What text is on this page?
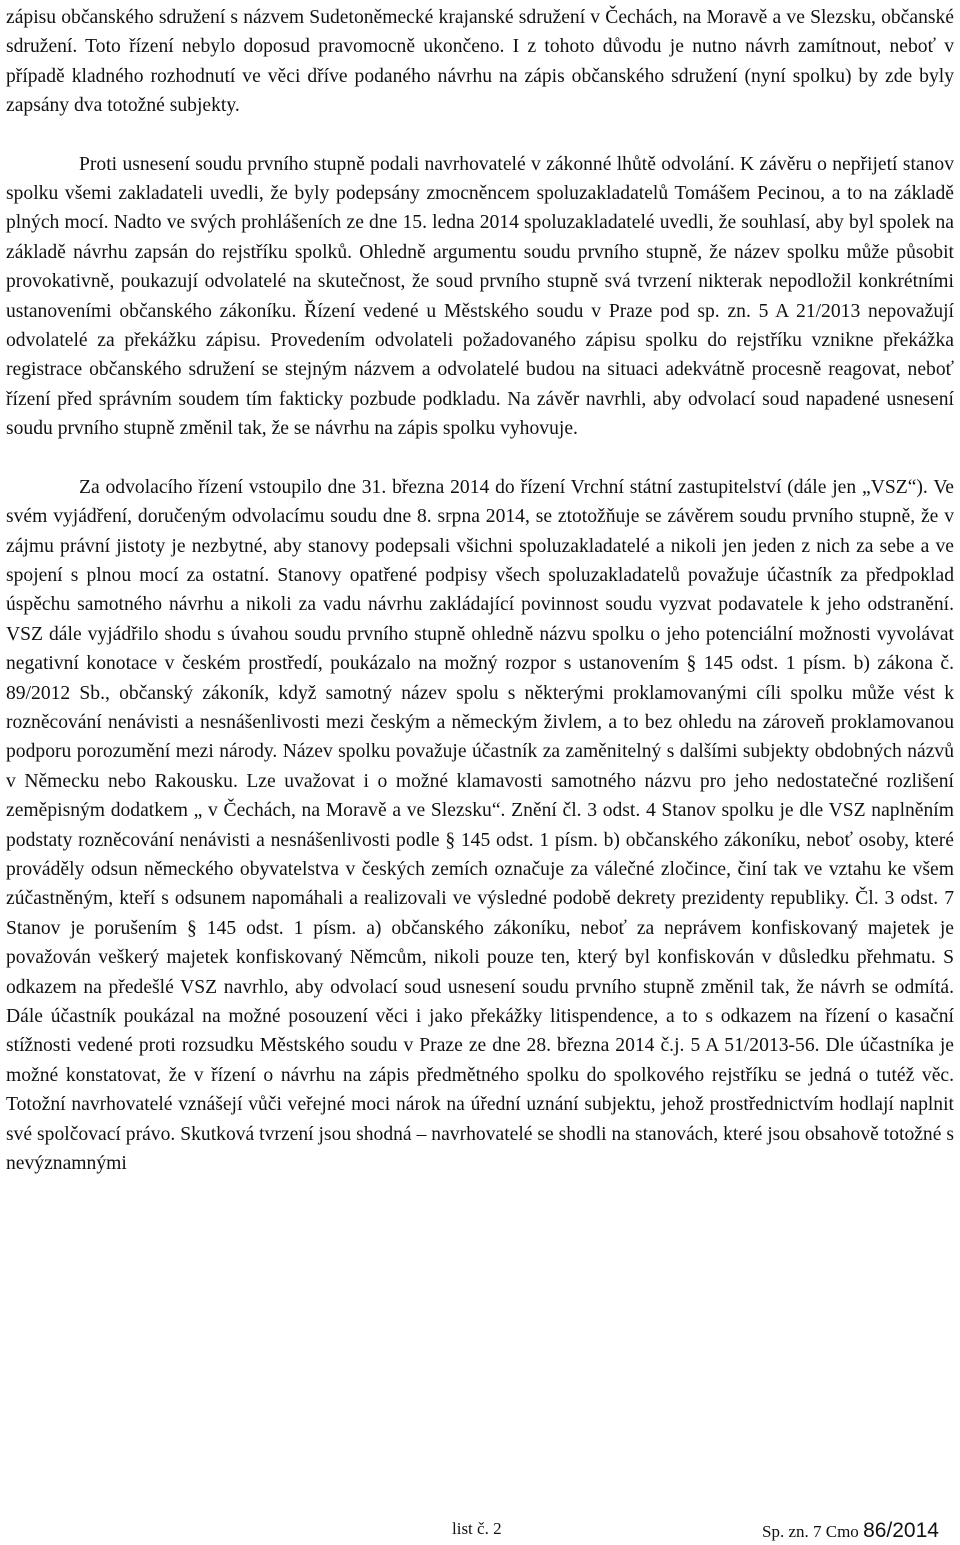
zápisu občanského sdružení s názvem Sudetoněmecké krajanské sdružení v Čechách, na Moravě a ve Slezsku, občanské sdružení. Toto řízení nebylo doposud pravomocně ukončeno. I z tohoto důvodu je nutno návrh zamítnout, neboť v případě kladného rozhodnutí ve věci dříve podaného návrhu na zápis občanského sdružení (nyní spolku) by zde byly zapsány dva totožné subjekty.

Proti usnesení soudu prvního stupně podali navrhovatelé v zákonné lhůtě odvolání. K závěru o nepřijetí stanov spolku všemi zakladateli uvedli, že byly podepsány zmocněncem spoluzakladatelů Tomášem Pecinou, a to na základě plných mocí. Nadto ve svých prohlášeních ze dne 15. ledna 2014 spoluzakladatelé uvedli, že souhlasí, aby byl spolek na základě návrhu zapsán do rejstříku spolků. Ohledně argumentu soudu prvního stupně, že název spolku může působit provokativně, poukazují odvolatelé na skutečnost, že soud prvního stupně svá tvrzení nikterak nepodložil konkrétními ustanoveními občanského zákoníku. Řízení vedené u Městského soudu v Praze pod sp. zn. 5 A 21/2013 nepovažují odvolatelé za překážku zápisu. Provedením odvolateli požadovaného zápisu spolku do rejstříku vznikne překážka registrace občanského sdružení se stejným názvem a odvolatelé budou na situaci adekvátně procesně reagovat, neboť řízení před správním soudem tím fakticky pozbude podkladu. Na závěr navrhli, aby odvolací soud napadené usnesení soudu prvního stupně změnil tak, že se návrhu na zápis spolku vyhovuje.

Za odvolacího řízení vstoupilo dne 31. března 2014 do řízení Vrchní státní zastupitelství (dále jen „VSZ“). Ve svém vyjádření, doručeným odvolacímu soudu dne 8. srpna 2014, se ztotožňuje se závěrem soudu prvního stupně, že v zájmu právní jistoty je nezbytné, aby stanovy podepsali všichni spoluzakladatelé a nikoli jen jeden z nich za sebe a ve spojení s plnou mocí za ostatní. Stanovy opatřené podpisy všech spoluzakladatelů považuje účastník za předpoklad úspěchu samotného návrhu a nikoli za vadu návrhu zakládající povinnost soudu vyzvat podavatele k jeho odstranění. VSZ dále vyjádřilo shodu s úvahou soudu prvního stupně ohledně názvu spolku o jeho potenciální možnosti vyvolávat negativní konotace v českém prostředí, poukázalo na možný rozpor s ustanovením § 145 odst. 1 písm. b) zákona č. 89/2012 Sb., občanský zákoník, když samotný název spolu s některými proklamovanými cíli spolku může vést k rozněcování nenávisti a nesnášenlivosti mezi českým a německým živlem, a to bez ohledu na zároveň proklamovanou podporu porozumění mezi národy. Název spolku považuje účastník za zaměnitelný s dalšími subjekty obdobných názvů v Německu nebo Rakousku. Lze uvažovat i o možné klamavosti samotného názvu pro jeho nedostatečné rozlišení zeměpisným dodatkem „ v Čechách, na Moravě a ve Slezsku“. Znění čl. 3 odst. 4 Stanov spolku je dle VSZ naplněním podstaty rozněcování nenávisti a nesnášenlivosti podle § 145 odst. 1 písm. b) občanského zákoníku, neboť osoby, které prováděly odsun německého obyvatelstva v českých zemích označuje za válečné zločince, činí tak ve vztahu ke všem zúčastněným, kteří s odsunem napomáhali a realizovali ve výsledné podobě dekrety prezidenty republiky. Čl. 3 odst. 7 Stanov je porušením § 145 odst. 1 písm. a) občanského zákoníku, neboť za neprávem konfiskovaný majetek je považován veškerý majetek konfiskovaný Němcům, nikoli pouze ten, který byl konfiskován v důsledku přehmatu. S odkazem na předešlé VSZ navrhlo, aby odvolací soud usnesení soudu prvního stupně změnil tak, že návrh se odmítá. Dále účastník poukázal na možné posouzení věci i jako překážky litispendence, a to s odkazem na řízení o kasační stížnosti vedené proti rozsudku Městského soudu v Praze ze dne 28. března 2014 č.j. 5 A 51/2013-56. Dle účastníka je možné konstatovat, že v řízení o návrhu na zápis předmětného spolku do spolkového rejstříku se jedná o tutéž věc. Totožní navrhovatelé vznášejí vůči veřejné moci nárok na úřední uznání subjektu, jehož prostřednictvím hodlají naplnit své spolčovací právo. Skutková tvrzení jsou shodná – navrhovatelé se shodli na stanovách, které jsou obsahově totožné s nevýznamnými

list č. 2	Sp. zn. 7 Cmo 86/2014
